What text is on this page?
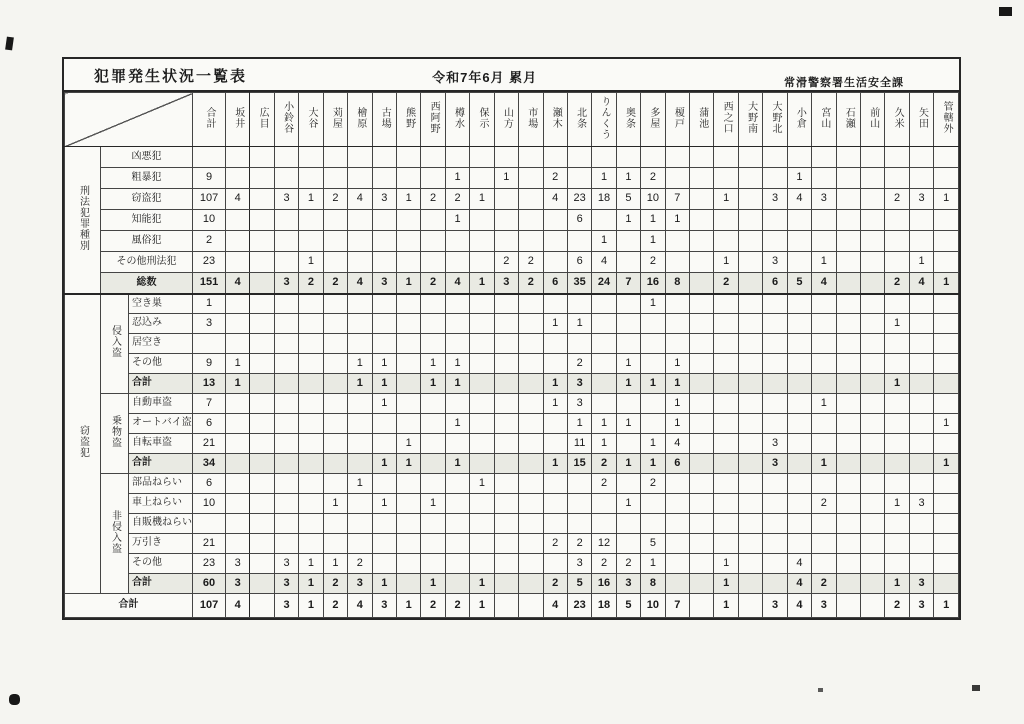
犯罪発生状況一覧表	令和7年6月 累月	常滑警察署生活安全課
			合計	坂井	広目	小鈴谷	大谷	苅屋	檜原	古場	熊野	西阿野	樽水	保示	山方	市場	瀬木	北条	りんくう	奥条	多屋	榎戸	蒲池	西之口	大野南	大野北	小倉	宮山	石瀬	前山	久米	矢田	管轄外
刑法犯罪種別	凶悪犯																																
	粗暴犯		9										1		1		2		1	1	2						1						
	窃盗犯		107	4		3	1	2	4	3	1	2	2	1			4	23	18	5	10	7		1		3	4	3			2	3	1
	知能犯		10										1					6		1	1	1											
	風俗犯		2																1		1												
	その他刑法犯		23				1								2	2		6	4		2			1		3		1				1	
	総数		151	4		3	2	2	4	3	1	2	4	1	3	2	6	35	24	7	16	8		2		6	5	4			2	4	1
窃盗犯	侵入盗	空き巣	1																		1												
		忍込み	3														1	1													1		
		居空き																															
		その他	9	1					1	1		1	1					2		1		1											
		合計	13	1					1	1		1	1				1	3		1	1	1									1		
	乗物盗	自動車盗	7							1							1	3				1						1					
		オートバイ盗	6										1					1	1	1		1											1
		自転車盗	21								1							11	1		1	4				3							
		合計	34							1	1		1				1	15	2	1	1	6				3		1					1
	非侵入盗	部品ねらい	6						1					1					2		2												
		車上ねらい	10					1		1		1								1								2			1	3	
		自販機ねらい																															
		万引き	21														2	2	12		5												
		その他	23	3		3	1	1	2									3	2	2	1			1			4						
		合計	60	3		3	1	2	3	1		1		1			2	5	16	3	8			1			4	2			1	3	
合計			107	4		3	1	2	4	3	1	2	2	1			4	23	18	5	10	7		1		3	4	3			2	3	1
